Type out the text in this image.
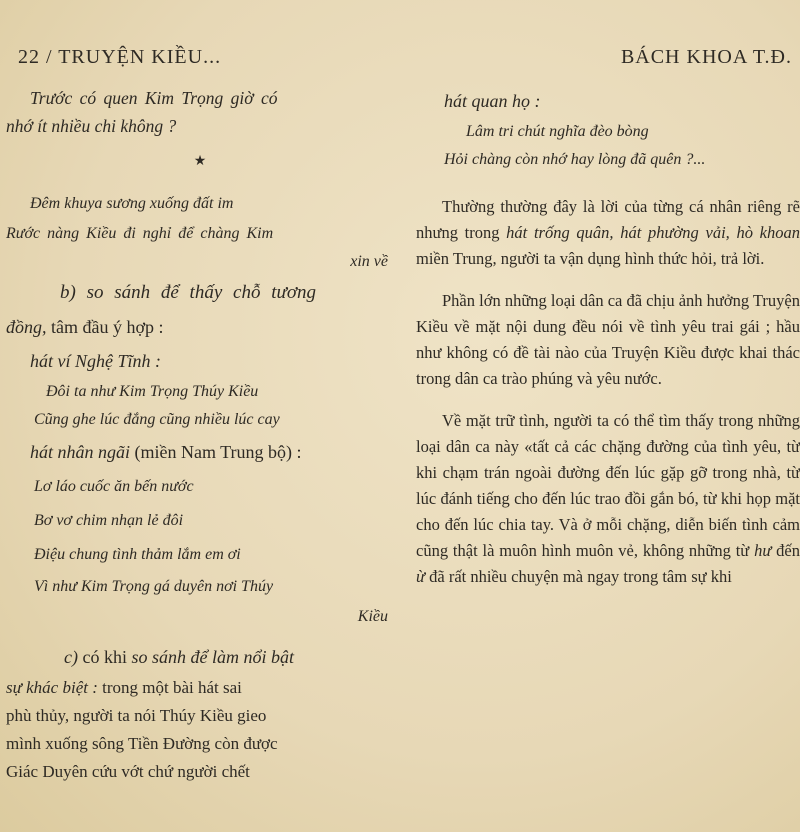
22 / TRUYỆN KIỀU...	BÁCH KHOA T.Đ.

Trước có quen Kim Trọng giờ có

nhớ ít nhiều chi không ?

★

Đêm khuya sương xuống đất im

Rước nàng Kiều đi nghỉ để chàng Kim

xin về

b) so sánh để thấy chỗ tương

đồng, tâm đầu ý hợp :

hát ví Nghệ Tĩnh :

Đôi ta như Kim Trọng Thúy Kiều

Cũng ghe lúc đắng cũng nhiều lúc cay

hát nhân ngãi (miền Nam Trung bộ) :

Lơ láo cuốc ăn bến nước

Bơ vơ chim nhạn lẻ đôi

Điệu chung tình thảm lắm em ơi

Vì như Kim Trọng gá duyên nơi Thúy

Kiều

c) có khi so sánh để làm nổi bật

sự khác biệt : trong một bài hát sai

phù thủy, người ta nói Thúy Kiều gieo

mình xuống sông Tiền Đường còn được

Giác Duyên cứu vớt chứ người chết

hát quan họ :

Lâm tri chút nghĩa đèo bòng

Hỏi chàng còn nhớ hay lòng đã quên ?...

Thường thường đây là lời của từng cá nhân riêng rẽ nhưng trong hát trống quân, hát phường vải, hò khoan miền Trung, người ta vận dụng hình thức hỏi, trả lời.

Phần lớn những loại dân ca đã chịu ảnh hưởng Truyện Kiều về mặt nội dung đều nói về tình yêu trai gái ; hầu như không có đề tài nào của Truyện Kiều được khai thác trong dân ca trào phúng và yêu nước.

Về mặt trữ tình, người ta có thể tìm thấy trong những loại dân ca này «tất cả các chặng đường của tình yêu, từ khi chạm trán ngoài đường đến lúc gặp gỡ trong nhà, từ lúc đánh tiếng cho đến lúc trao đồi gắn bó, từ khi họp mặt cho đến lúc chia tay. Và ở mỗi chặng, diễn biến tình cảm cũng thật là muôn hình muôn vẻ, không những từ hư đến ừ đã rất nhiều chuyện mà ngay trong tâm sự khi
